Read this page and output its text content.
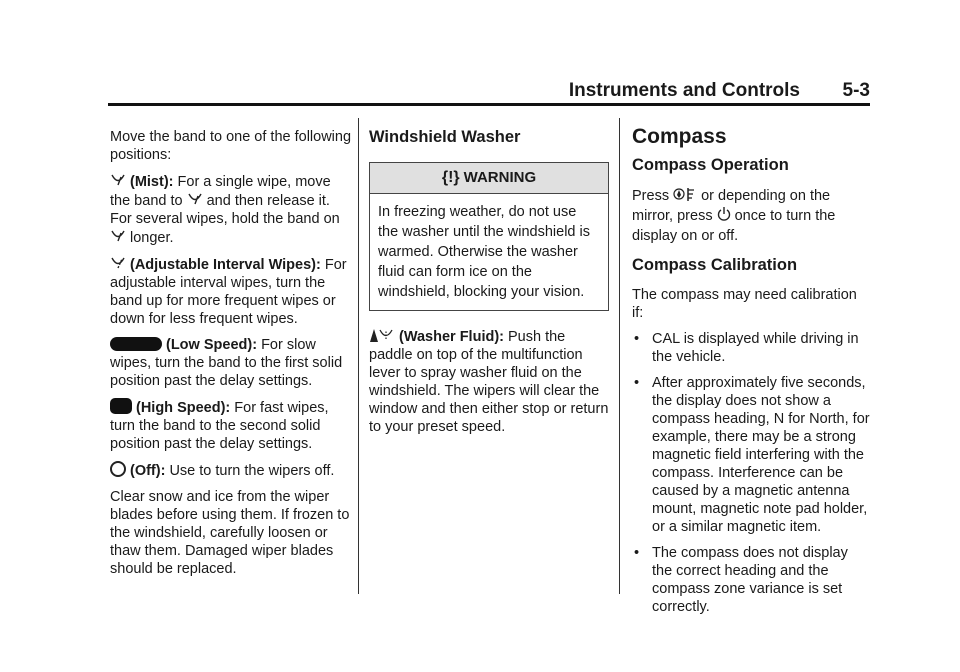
Instruments and Controls	5-3

Move the band to one of the following positions:

(Mist): For a single wipe, move the band to and then release it. For several wipes, hold the band on
longer.

(Adjustable Interval Wipes): For adjustable interval wipes, turn the band up for more frequent wipes or down for less frequent wipes.

(Low Speed): For slow wipes, turn the band to the first solid position past the delay settings.

(High Speed): For fast wipes, turn the band to the second solid position past the delay settings.

(Off): Use to turn the wipers off.

Clear snow and ice from the wiper blades before using them. If frozen to the windshield, carefully loosen or thaw them. Damaged wiper blades should be replaced.

Windshield Washer
{!} WARNING
In freezing weather, do not use the washer until the windshield is warmed. Otherwise the washer fluid can form ice on the windshield, blocking your vision.

(Washer Fluid): Push the paddle on top of the multifunction lever to spray washer fluid on the windshield. The wipers will clear the window and then either stop or return to your preset speed.

Compass
Compass Operation

Press or depending on the mirror, press once to turn the display on or off.

Compass Calibration

The compass may need calibration if:

• CAL is displayed while driving in the vehicle.
• After approximately five seconds, the display does not show a compass heading, N for North, for example, there may be a strong magnetic field interfering with the compass. Interference can be caused by a magnetic antenna mount, magnetic note pad holder, or a similar magnetic item.
• The compass does not display the correct heading and the compass zone variance is set correctly.
